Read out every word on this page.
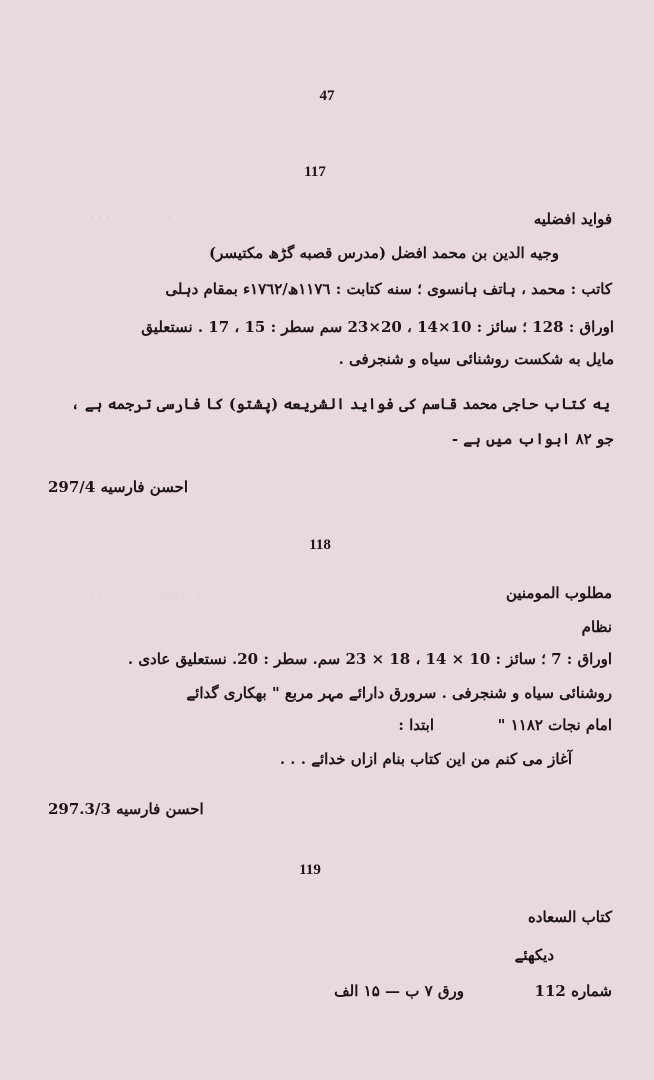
· · · · · · · · · · · · · · ·
· · · · · · · · · · · · · · · · · · · ·
47
117
فواید افضلیه
وجیه الدین بن محمد افضل (مدرس قصبه گڑھ مکتیسر)
کاتب : محمد ، ہاتف ہانسوی ؛ سنه کتابت : ۱۱۷٦ھ/۱۷٦۲ء بمقام دہلی
اوراق : 128 ؛ سائز : 10×14 ، 20×23 سم سطر : 15 ، 17 . نستعلیق
مایل به شکست روشنائی سیاه و شنجرفی .
یه کتاب حاجی محمد قاسم کی فواید الشریعه (پشتو) کا فارسی ترجمه ہے ،
جو ۸۲ ابواب میں ہے -
احسن فارسیه 297/4
118
مطلوب المومنین
نظام
اوراق : 7 ؛ سائز : 10 × 14 ، 18 × 23 سم. سطر : 20. نستعلیق عادی .
روشنائی سیاه و شنجرفی . سرورق دارائے مہر مربع " بھکاری گدائے
امام نجات ۱۱۸۲ "
ابتدا :
آغاز می کنم من این کتاب بنام ازاں خدائے . . .
احسن فارسیه 297.3/3
119
کتاب السعاده
دیکھئے
شماره 112
ورق ۷ ب — ۱۵ الف
